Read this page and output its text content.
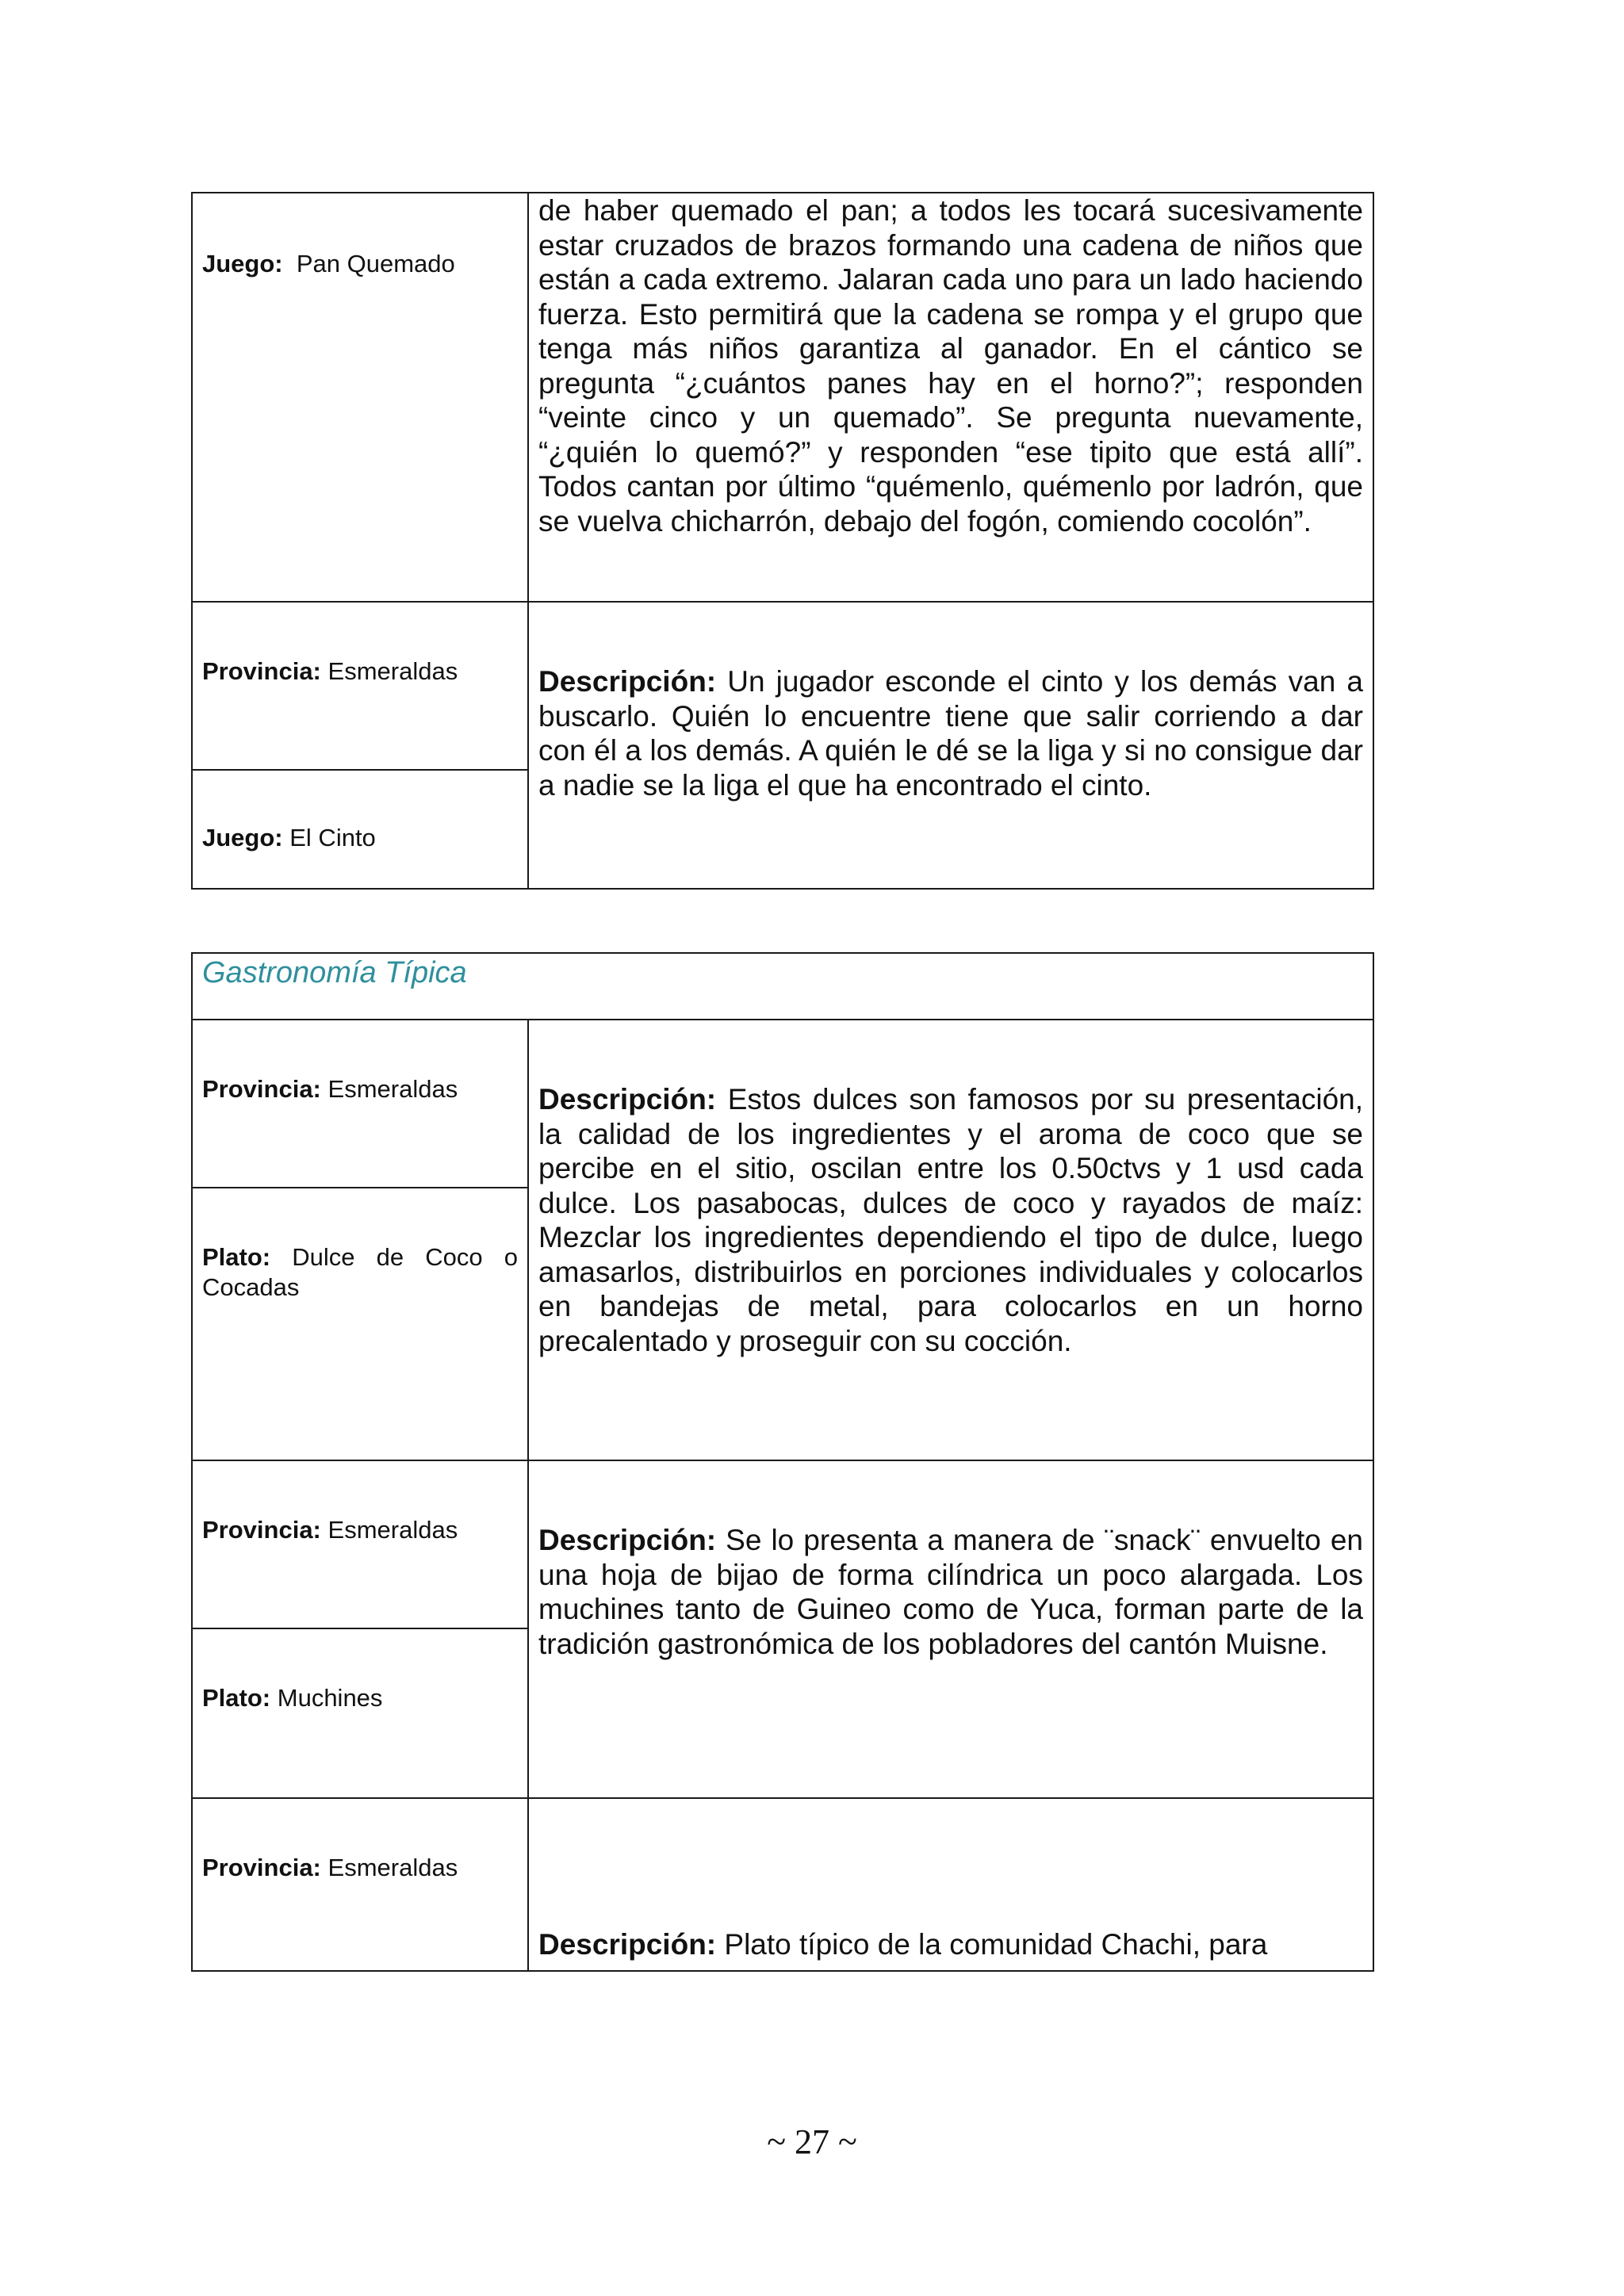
Juego: Pan Quemado	de haber quemado el pan; a todos les tocará sucesivamente estar cruzados de brazos formando una cadena de niños que están a cada extremo. Jalaran cada uno para un lado haciendo fuerza. Esto permitirá que la cadena se rompa y el grupo que tenga más niños garantiza al ganador. En el cántico se pregunta “¿cuántos panes hay en el horno?”; responden “veinte cinco y un quemado”. Se pregunta nuevamente, “¿quién lo quemó?” y responden “ese tipito que está allí”. Todos cantan por último “quémenlo, quémenlo por ladrón, que se vuelva chicharrón, debajo del fogón, comiendo cocolón”.

Provincia: Esmeraldas	Descripción: Un jugador esconde el cinto y los demás van a buscarlo. Quién lo encuentre tiene que salir corriendo a dar con él a los demás. A quién le dé se la liga y si no consigue dar a nadie se la liga el que ha encontrado el cinto.

Juego: El Cinto	
Gastronomía Típica	

Provincia: Esmeraldas	Descripción: Estos dulces son famosos por su presentación, la calidad de los ingredientes y el aroma de coco que se percibe en el sitio, oscilan entre los 0.50ctvs y 1 usd cada dulce. Los pasabocas, dulces de coco y rayados de maíz: Mezclar los ingredientes dependiendo el tipo de dulce, luego amasarlos, distribuirlos en porciones individuales y colocarlos en bandejas de metal, para colocarlos en un horno precalentado y proseguir con su cocción.

Plato: Dulce de Coco o Cocadas	

Provincia: Esmeraldas	Descripción: Se lo presenta a manera de ¨snack¨ envuelto en una hoja de bijao de forma cilíndrica un poco alargada. Los muchines tanto de Guineo como de Yuca, forman parte de la tradición gastronómica de los pobladores del cantón Muisne.

Plato: Muchines	

Provincia: Esmeraldas	Descripción: Plato típico de la comunidad Chachi, para
~ 27 ~
